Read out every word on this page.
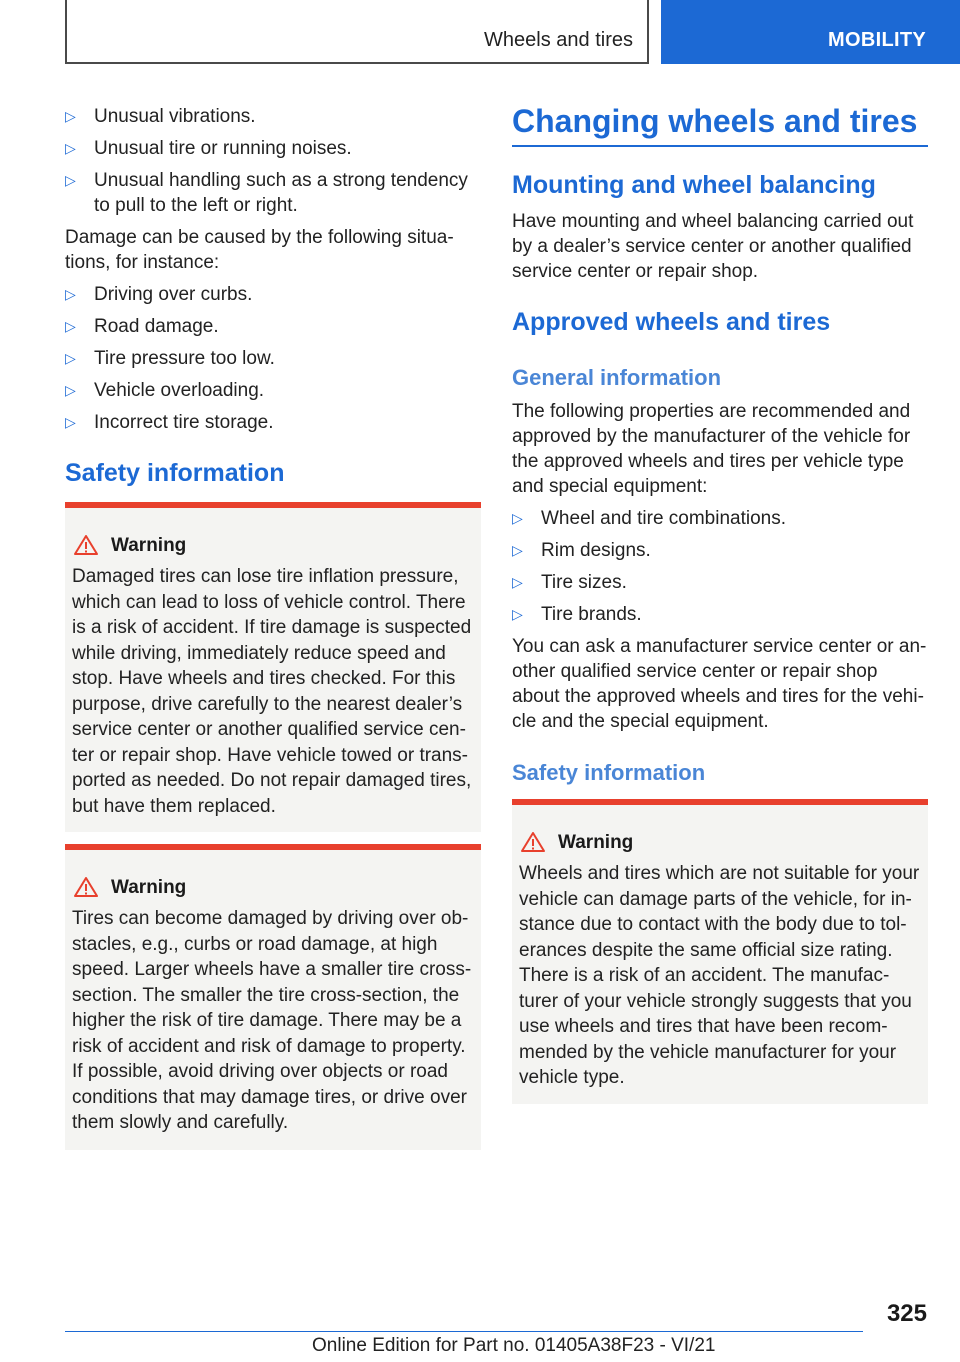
Wheels and tires	MOBILITY
▷ Unusual vibrations.
▷ Unusual tire or running noises.
▷ Unusual handling such as a strong tendency to pull to the left or right.
Damage can be caused by the following situa-tions, for instance:
▷ Driving over curbs.
▷ Road damage.
▷ Tire pressure too low.
▷ Vehicle overloading.
▷ Incorrect tire storage.
Safety information
Warning
Damaged tires can lose tire inflation pressure, which can lead to loss of vehicle control. There is a risk of accident. If tire damage is suspected while driving, immediately reduce speed and stop. Have wheels and tires checked. For this purpose, drive carefully to the nearest dealer’s service center or another qualified service cen-ter or repair shop. Have vehicle towed or trans-ported as needed. Do not repair damaged tires, but have them replaced.
Warning
Tires can become damaged by driving over ob-stacles, e.g., curbs or road damage, at high speed. Larger wheels have a smaller tire cross-section. The smaller the tire cross-section, the higher the risk of tire damage. There may be a risk of accident and risk of damage to property. If possible, avoid driving over objects or road conditions that may damage tires, or drive over them slowly and carefully.
Changing wheels and tires
Mounting and wheel balancing
Have mounting and wheel balancing carried out by a dealer’s service center or another qualified service center or repair shop.
Approved wheels and tires
General information
The following properties are recommended and approved by the manufacturer of the vehicle for the approved wheels and tires per vehicle type and special equipment:
▷ Wheel and tire combinations.
▷ Rim designs.
▷ Tire sizes.
▷ Tire brands.
You can ask a manufacturer service center or an-other qualified service center or repair shop about the approved wheels and tires for the vehi-cle and the special equipment.
Safety information
Warning
Wheels and tires which are not suitable for your vehicle can damage parts of the vehicle, for in-stance due to contact with the body due to tol-erances despite the same official size rating. There is a risk of an accident. The manufac-turer of your vehicle strongly suggests that you use wheels and tires that have been recom-mended by the vehicle manufacturer for your vehicle type.
325
Online Edition for Part no. 01405A38F23 - VI/21
